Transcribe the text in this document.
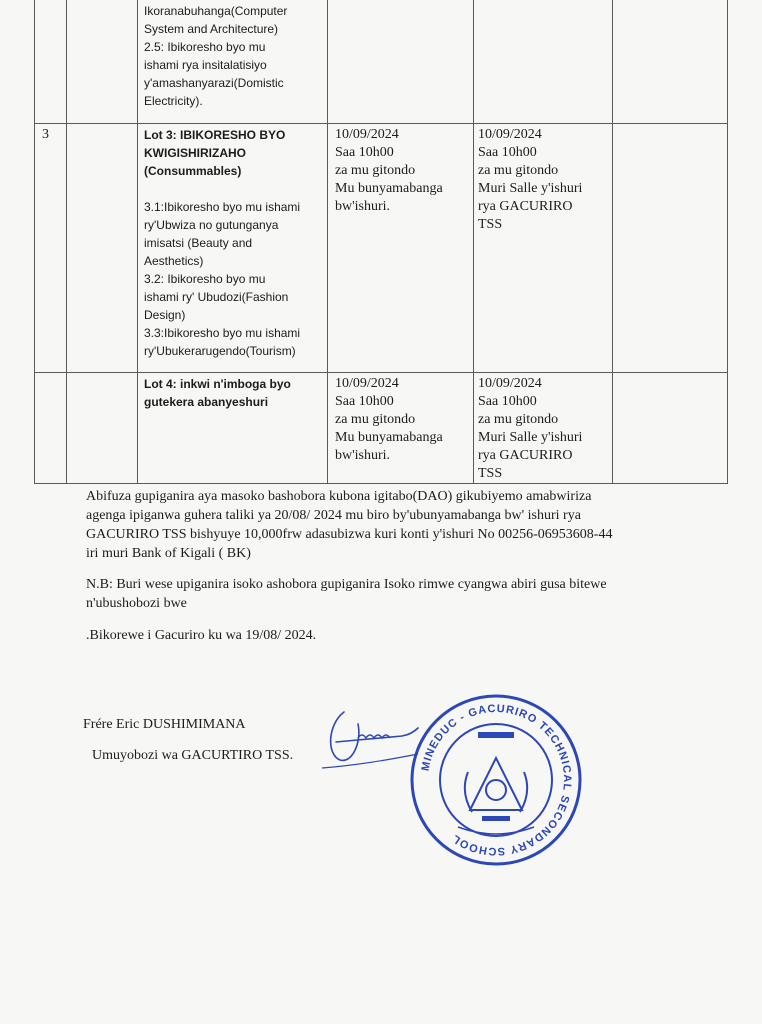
Ikoranabuhanga(Computer
System and Architecture)
2.5: Ibikoresho byo mu
ishami rya insitalatisiyo
y'amashanyarazi(Domistic
Electricity).
3	Lot 3: IBIKORESHO BYO
KWIGISHIRIZAHO
(Consummables)
3.1:Ibikoresho byo mu ishami
ry'Ubwiza no gutunganya
imisatsi (Beauty and
Aesthetics)
3.2: Ibikoresho byo mu
ishami ry' Ubudozi(Fashion
Design)
3.3:Ibikoresho byo mu ishami
ry'Ubukerarugendo(Tourism)
10/09/2024
Saa 10h00
za mu gitondo
Mu bunyamabanga
bw'ishuri.
10/09/2024
Saa 10h00
za mu gitondo
Muri Salle y'ishuri
rya GACURIRO
TSS
Lot 4: inkwi n'imboga byo
gutekera abanyeshuri
10/09/2024
Saa 10h00
za mu gitondo
Mu bunyamabanga
bw'ishuri.
10/09/2024
Saa 10h00
za mu gitondo
Muri Salle y'ishuri
rya GACURIRO
TSS
Abifuza gupiganira aya masoko bashobora kubona igitabo(DAO) gikubiyemo amabwiriza
agenga ipiganwa guhera taliki ya 20/08/ 2024 mu biro by'ubunyamabanga bw' ishuri rya
GACURIRO TSS bishyuye 10,000frw adasubizwa kuri konti y'ishuri No 00256-06953608-44
iri muri Bank of Kigali ( BK)
N.B: Buri wese upiganira isoko ashobora gupiganira Isoko rimwe cyangwa abiri gusa bitewe
n'ubushobozi bwe
.Bikorewe i Gacuriro ku wa 19/08/ 2024.
Frére Eric DUSHIMIMANA
Umuyobozi wa GACURTIRO TSS.
MINEDUC - GACURIRO TECHNICAL SECONDARY SCHOOL
